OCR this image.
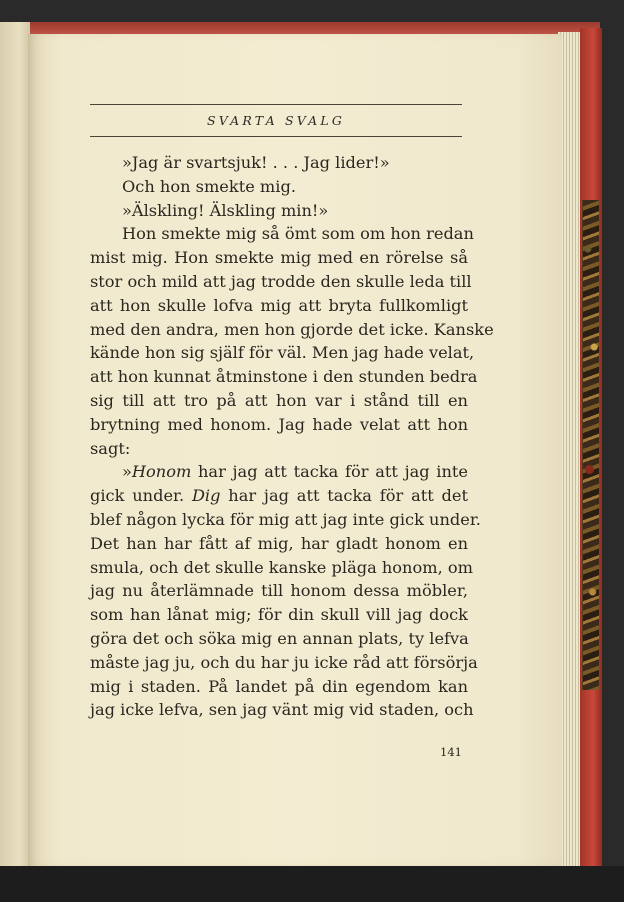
SVARTA SVALG
»Jag är svartsjuk! . . . Jag lider!»
Och hon smekte mig.
»Älskling! Älskling min!»
Hon smekte mig så ömt som om hon redan
mist mig. Hon smekte mig med en rörelse så
stor och mild att jag trodde den skulle leda till
att hon skulle lofva mig att bryta fullkomligt
med den andra, men hon gjorde det icke. Kanske
kände hon sig själf för väl. Men jag hade velat,
att hon kunnat åtminstone i den stunden bedra
sig till att tro på att hon var i stånd till en
brytning med honom. Jag hade velat att hon
sagt:
»Honom har jag att tacka för att jag inte
gick under. Dig har jag att tacka för att det
blef någon lycka för mig att jag inte gick under.
Det han har fått af mig, har gladt honom en
smula, och det skulle kanske pläga honom, om
jag nu återlämnade till honom dessa möbler,
som han lånat mig; för din skull vill jag dock
göra det och söka mig en annan plats, ty lefva
måste jag ju, och du har ju icke råd att försörja
mig i staden. På landet på din egendom kan
jag icke lefva, sen jag vänt mig vid staden, och
141
